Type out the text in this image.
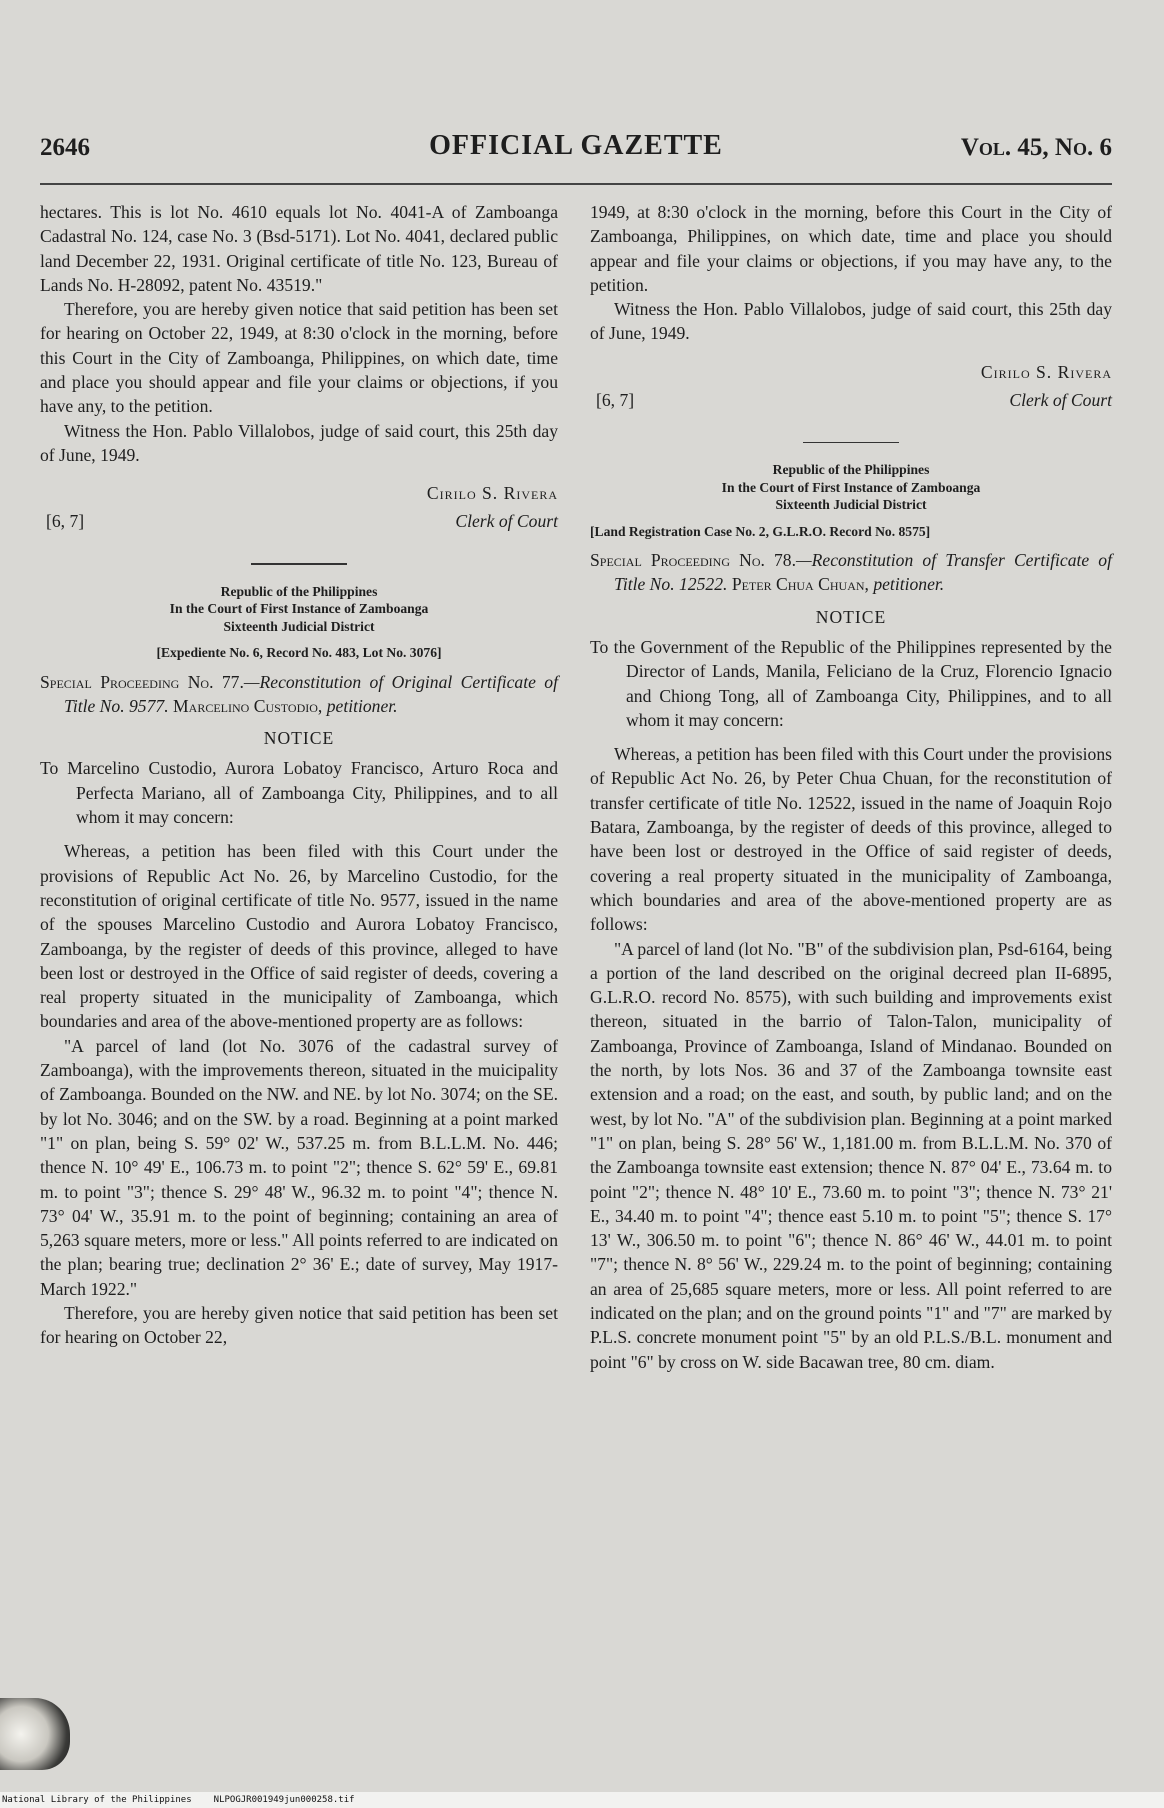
2646	OFFICIAL GAZETTE	Vol. 45, No. 6

hectares. This is lot No. 4610 equals lot No. 4041-A of Zamboanga Cadastral No. 124, case No. 3 (Bsd-5171). Lot No. 4041, declared public land December 22, 1931. Original certificate of title No. 123, Bureau of Lands No. H-28092, patent No. 43519."

Therefore, you are hereby given notice that said petition has been set for hearing on October 22, 1949, at 8:30 o'clock in the morning, before this Court in the City of Zamboanga, Philippines, on which date, time and place you should appear and file your claims or objections, if you have any, to the petition.

Witness the Hon. Pablo Villalobos, judge of said court, this 25th day of June, 1949.

Cirilo S. Rivera
[6, 7]	Clerk of Court
Republic of the Philippines
In the Court of First Instance of Zamboanga
Sixteenth Judicial District
[Expediente No. 6, Record No. 483, Lot No. 3076]

Special Proceeding No. 77.—Reconstitution of Original Certificate of Title No. 9577. Marcelino Custodio, petitioner.

NOTICE

To Marcelino Custodio, Aurora Lobatoy Francisco, Arturo Roca and Perfecta Mariano, all of Zamboanga City, Philippines, and to all whom it may concern:

Whereas, a petition has been filed with this Court under the provisions of Republic Act No. 26, by Marcelino Custodio, for the reconstitution of original certificate of title No. 9577, issued in the name of the spouses Marcelino Custodio and Aurora Lobatoy Francisco, Zamboanga, by the register of deeds of this province, alleged to have been lost or destroyed in the Office of said register of deeds, covering a real property situated in the municipality of Zamboanga, which boundaries and area of the above-mentioned property are as follows:

"A parcel of land (lot No. 3076 of the cadastral survey of Zamboanga), with the improvements thereon, situated in the muicipality of Zamboanga. Bounded on the NW. and NE. by lot No. 3074; on the SE. by lot No. 3046; and on the SW. by a road. Beginning at a point marked "1" on plan, being S. 59° 02' W., 537.25 m. from B.L.L.M. No. 446; thence N. 10° 49' E., 106.73 m. to point "2"; thence S. 62° 59' E., 69.81 m. to point "3"; thence S. 29° 48' W., 96.32 m. to point "4"; thence N. 73° 04' W., 35.91 m. to the point of beginning; containing an area of 5,263 square meters, more or less." All points referred to are indicated on the plan; bearing true; declination 2° 36' E.; date of survey, May 1917-March 1922."

Therefore, you are hereby given notice that said petition has been set for hearing on October 22,

1949, at 8:30 o'clock in the morning, before this Court in the City of Zamboanga, Philippines, on which date, time and place you should appear and file your claims or objections, if you may have any, to the petition.

Witness the Hon. Pablo Villalobos, judge of said court, this 25th day of June, 1949.

Cirilo S. Rivera
[6, 7]	Clerk of Court
Republic of the Philippines
In the Court of First Instance of Zamboanga
Sixteenth Judicial District
[Land Registration Case No. 2, G.L.R.O. Record No. 8575]

Special Proceeding No. 78.—Reconstitution of Transfer Certificate of Title No. 12522. Peter Chua Chuan, petitioner.

NOTICE

To the Government of the Republic of the Philippines represented by the Director of Lands, Manila, Feliciano de la Cruz, Florencio Ignacio and Chiong Tong, all of Zamboanga City, Philippines, and to all whom it may concern:

Whereas, a petition has been filed with this Court under the provisions of Republic Act No. 26, by Peter Chua Chuan, for the reconstitution of transfer certificate of title No. 12522, issued in the name of Joaquin Rojo Batara, Zamboanga, by the register of deeds of this province, alleged to have been lost or destroyed in the Office of said register of deeds, covering a real property situated in the municipality of Zamboanga, which boundaries and area of the above-mentioned property are as follows:

"A parcel of land (lot No. "B" of the subdivision plan, Psd-6164, being a portion of the land described on the original decreed plan II-6895, G.L.R.O. record No. 8575), with such building and improvements exist thereon, situated in the barrio of Talon-Talon, municipality of Zamboanga, Province of Zamboanga, Island of Mindanao. Bounded on the north, by lots Nos. 36 and 37 of the Zamboanga townsite east extension and a road; on the east, and south, by public land; and on the west, by lot No. "A" of the subdivision plan. Beginning at a point marked "1" on plan, being S. 28° 56' W., 1,181.00 m. from B.L.L.M. No. 370 of the Zamboanga townsite east extension; thence N. 87° 04' E., 73.64 m. to point "2"; thence N. 48° 10' E., 73.60 m. to point "3"; thence N. 73° 21' E., 34.40 m. to point "4"; thence east 5.10 m. to point "5"; thence S. 17° 13' W., 306.50 m. to point "6"; thence N. 86° 46' W., 44.01 m. to point "7"; thence N. 8° 56' W., 229.24 m. to the point of beginning; containing an area of 25,685 square meters, more or less. All point referred to are indicated on the plan; and on the ground points "1" and "7" are marked by P.L.S. concrete monument point "5" by an old P.L.S./B.L. monument and point "6" by cross on W. side Bacawan tree, 80 cm. diam.

National Library of the Philippines NLPOGJR001949jun000258.tif
